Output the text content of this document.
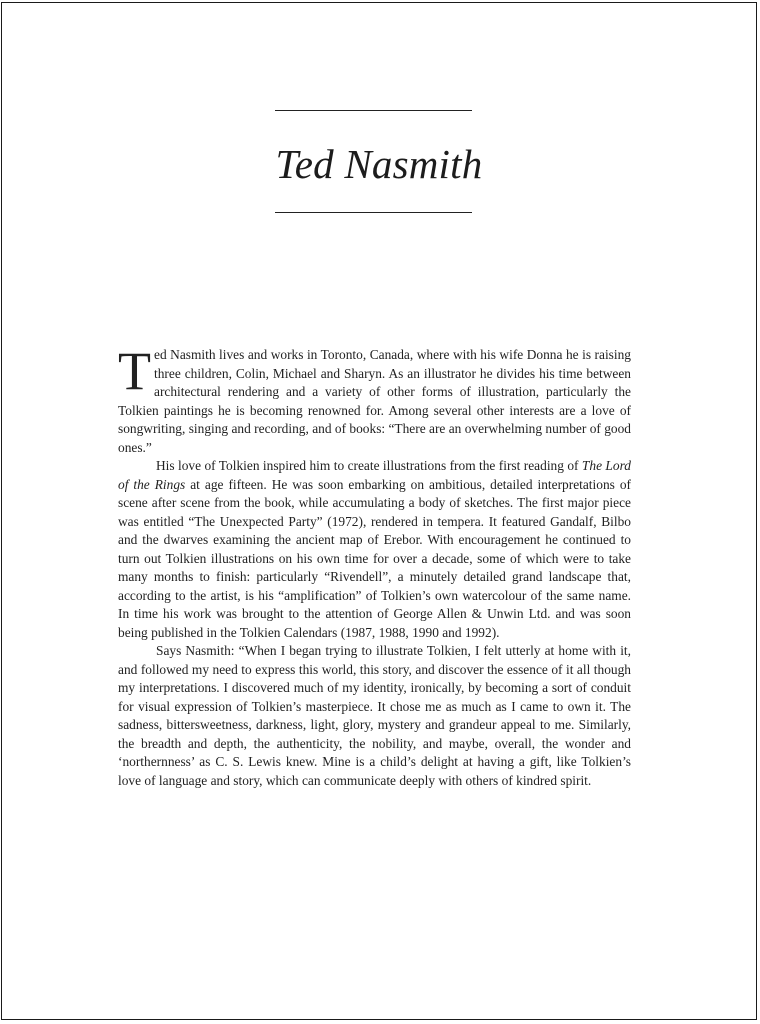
Ted Nasmith

Ted Nasmith lives and works in Toronto, Canada, where with his wife Donna he is raising three children, Colin, Michael and Sharyn. As an illustrator he divides his time between architectural rendering and a variety of other forms of illustration, particularly the Tolkien paintings he is becoming renowned for. Among several other interests are a love of songwriting, singing and recording, and of books: “There are an overwhelming number of good ones.”

His love of Tolkien inspired him to create illustrations from the first reading of The Lord of the Rings at age fifteen. He was soon embarking on ambitious, detailed interpretations of scene after scene from the book, while accumulating a body of sketches. The first major piece was entitled “The Unexpected Party” (1972), rendered in tempera. It featured Gandalf, Bilbo and the dwarves examining the ancient map of Erebor. With encouragement he continued to turn out Tolkien illustrations on his own time for over a decade, some of which were to take many months to finish: particularly “Rivendell”, a minutely detailed grand landscape that, according to the artist, is his “amplification” of Tolkien’s own watercolour of the same name. In time his work was brought to the attention of George Allen & Unwin Ltd. and was soon being published in the Tolkien Calendars (1987, 1988, 1990 and 1992).

Says Nasmith: “When I began trying to illustrate Tolkien, I felt utterly at home with it, and followed my need to express this world, this story, and discover the essence of it all though my interpretations. I discovered much of my identity, ironically, by becoming a sort of conduit for visual expression of Tolkien’s masterpiece. It chose me as much as I came to own it. The sadness, bittersweetness, darkness, light, glory, mystery and grandeur appeal to me. Similarly, the breadth and depth, the authenticity, the nobility, and maybe, overall, the wonder and ‘northernness’ as C. S. Lewis knew. Mine is a child’s delight at having a gift, like Tolkien’s love of language and story, which can communicate deeply with others of kindred spirit.
